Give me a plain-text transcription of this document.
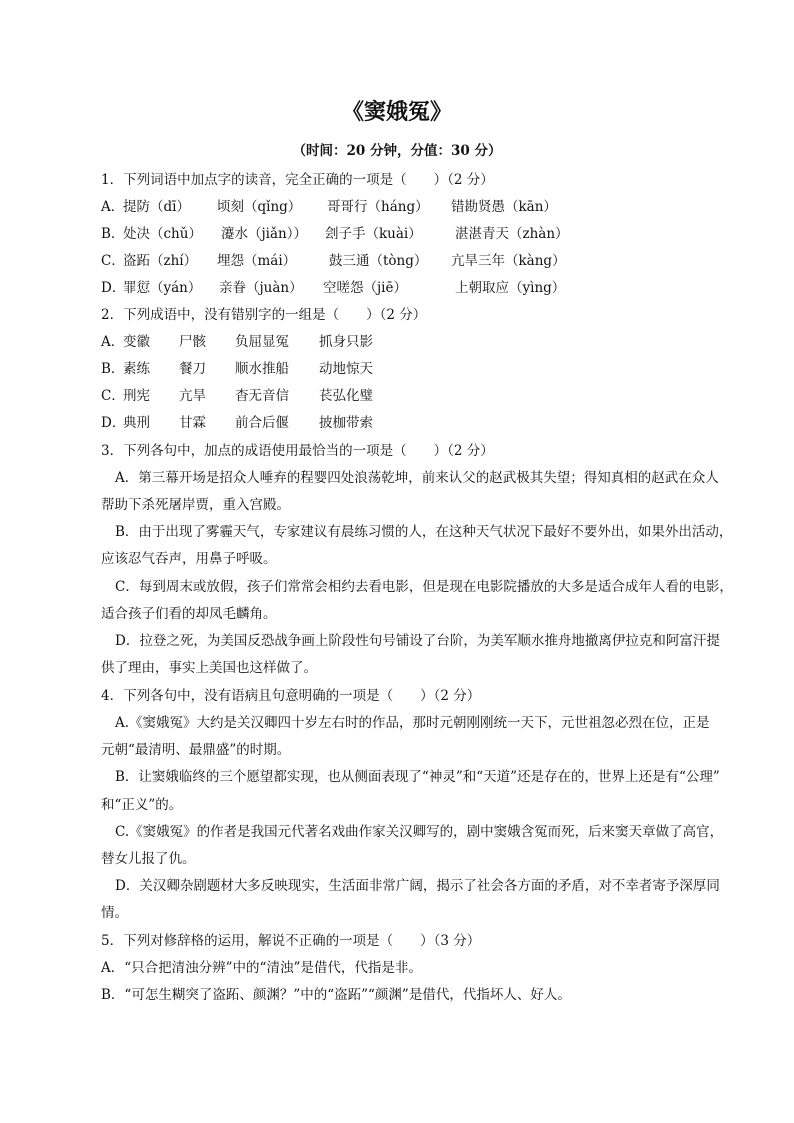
《窦娥冤》
（时间：20 分钟，分值：30 分）
1．下列词语中加点字的读音，完全正确的一项是（　　）（2 分）
A．
提防（dī） 顷刻（qǐng） 哥哥行（háng） 错勘贤愚（kān）
B．
处决（chǔ） 瀽水（jiǎn）） 刽子手（kuài） 湛湛青天（zhàn）
C．
盗跖（zhí） 埋怨（mái） 鼓三通（tòng） 亢旱三年（kàng）
D．
罪愆（yán） 亲眷（juàn） 空嗟怨（jiē）	上朝取应（yìng）
2．下列成语中，没有错别字的一组是（　　）（2 分）
A．
变徽 尸骸 负屈显冤 抓身只影
B．
素练 餐刀 顺水推船 动地惊天
C．
刑宪 亢旱 杳无音信 苌弘化璧
D．
典刑 甘霖 前合后偃 披枷带索
3．下列各句中，加点的成语使用最恰当的一项是（　　）（2 分）
A．第三幕开场是招众人唾弃的程婴四处浪荡乾坤，前来认父的赵武极其失望；得知真相的赵武在众人
帮助下杀死屠岸贾，重入宫殿。
B．由于出现了雾霾天气，专家建议有晨练习惯的人，在这种天气状况下最好不要外出，如果外出活动，
应该忍气吞声，用鼻子呼吸。
C．每到周末或放假，孩子们常常会相约去看电影，但是现在电影院播放的大多是适合成年人看的电影，
适合孩子们看的却凤毛麟角。
D．拉登之死，为美国反恐战争画上阶段性句号铺设了台阶，为美军顺水推舟地撤离伊拉克和阿富汗提
供了理由，事实上美国也这样做了。
4．下列各句中，没有语病且句意明确的一项是（　　）（2 分）
A.《窦娥冤》大约是关汉卿四十岁左右时的作品，那时元朝刚刚统一天下，元世祖忽必烈在位，正是
元朝“最清明、最鼎盛”的时期。
B．让窦娥临终的三个愿望都实现，也从侧面表现了“神灵”和“天道”还是存在的，世界上还是有“公理”
和“正义”的。
C.《窦娥冤》的作者是我国元代著名戏曲作家关汉卿写的，剧中窦娥含冤而死，后来窦天章做了高官，
替女儿报了仇。
D．关汉卿杂剧题材大多反映现实，生活面非常广阔，揭示了社会各方面的矛盾，对不幸者寄予深厚同
情。
5．下列对修辞格的运用，解说不正确的一项是（　　）（3 分）
A．“只合把清浊分辨”中的“清浊”是借代，代指是非。
B．“可怎生糊突了盗跖、颜渊？”中的“盗跖”“颜渊”是借代，代指坏人、好人。
